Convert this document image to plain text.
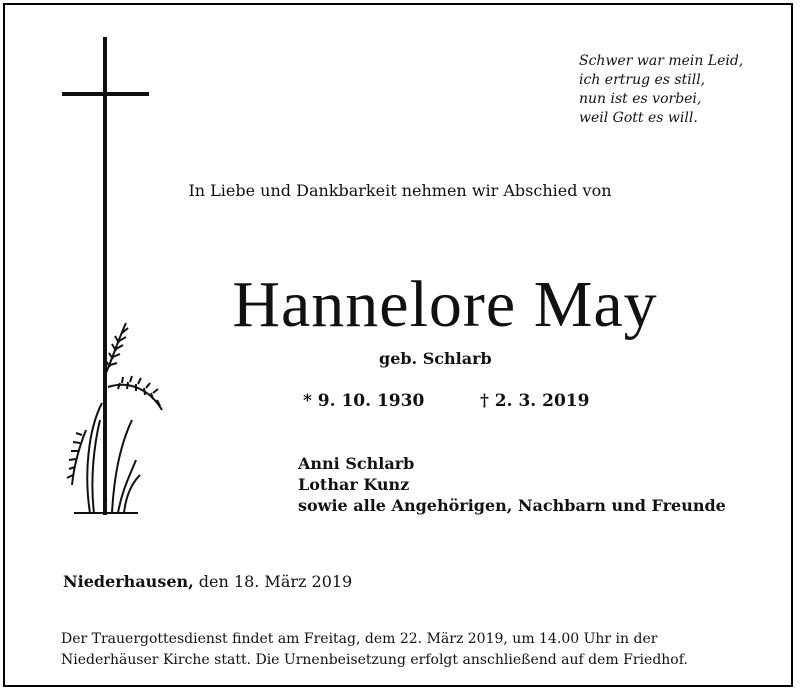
Schwer war mein Leid,
ich ertrug es still,
nun ist es vorbei,
weil Gott es will.
In Liebe und Dankbarkeit nehmen wir Abschied von
Hannelore May
geb. Schlarb
* 9. 10. 1930	† 2. 3. 2019
Anni Schlarb
Lothar Kunz
sowie alle Angehörigen, Nachbarn und Freunde
Niederhausen, den 18. März 2019
Der Trauergottesdienst findet am Freitag, dem 22. März 2019, um 14.00 Uhr in der
Niederhäuser Kirche statt. Die Urnenbeisetzung erfolgt anschließend auf dem Friedhof.
